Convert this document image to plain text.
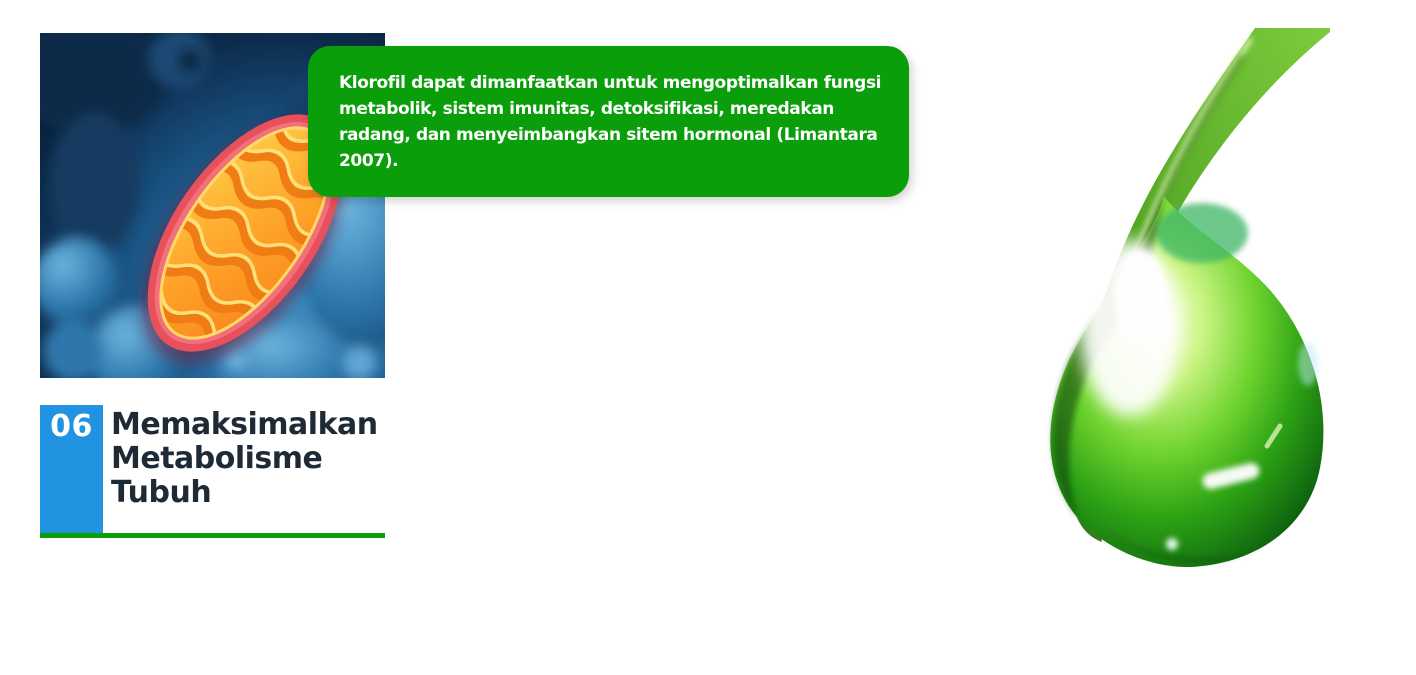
Klorofil dapat dimanfaatkan untuk mengoptimalkan fungsi
metabolik, sistem imunitas, detoksifikasi, meredakan
radang, dan menyeimbangkan sitem hormonal (Limantara
2007).
06 Memaksimalkan
Metabolisme
Tubuh
